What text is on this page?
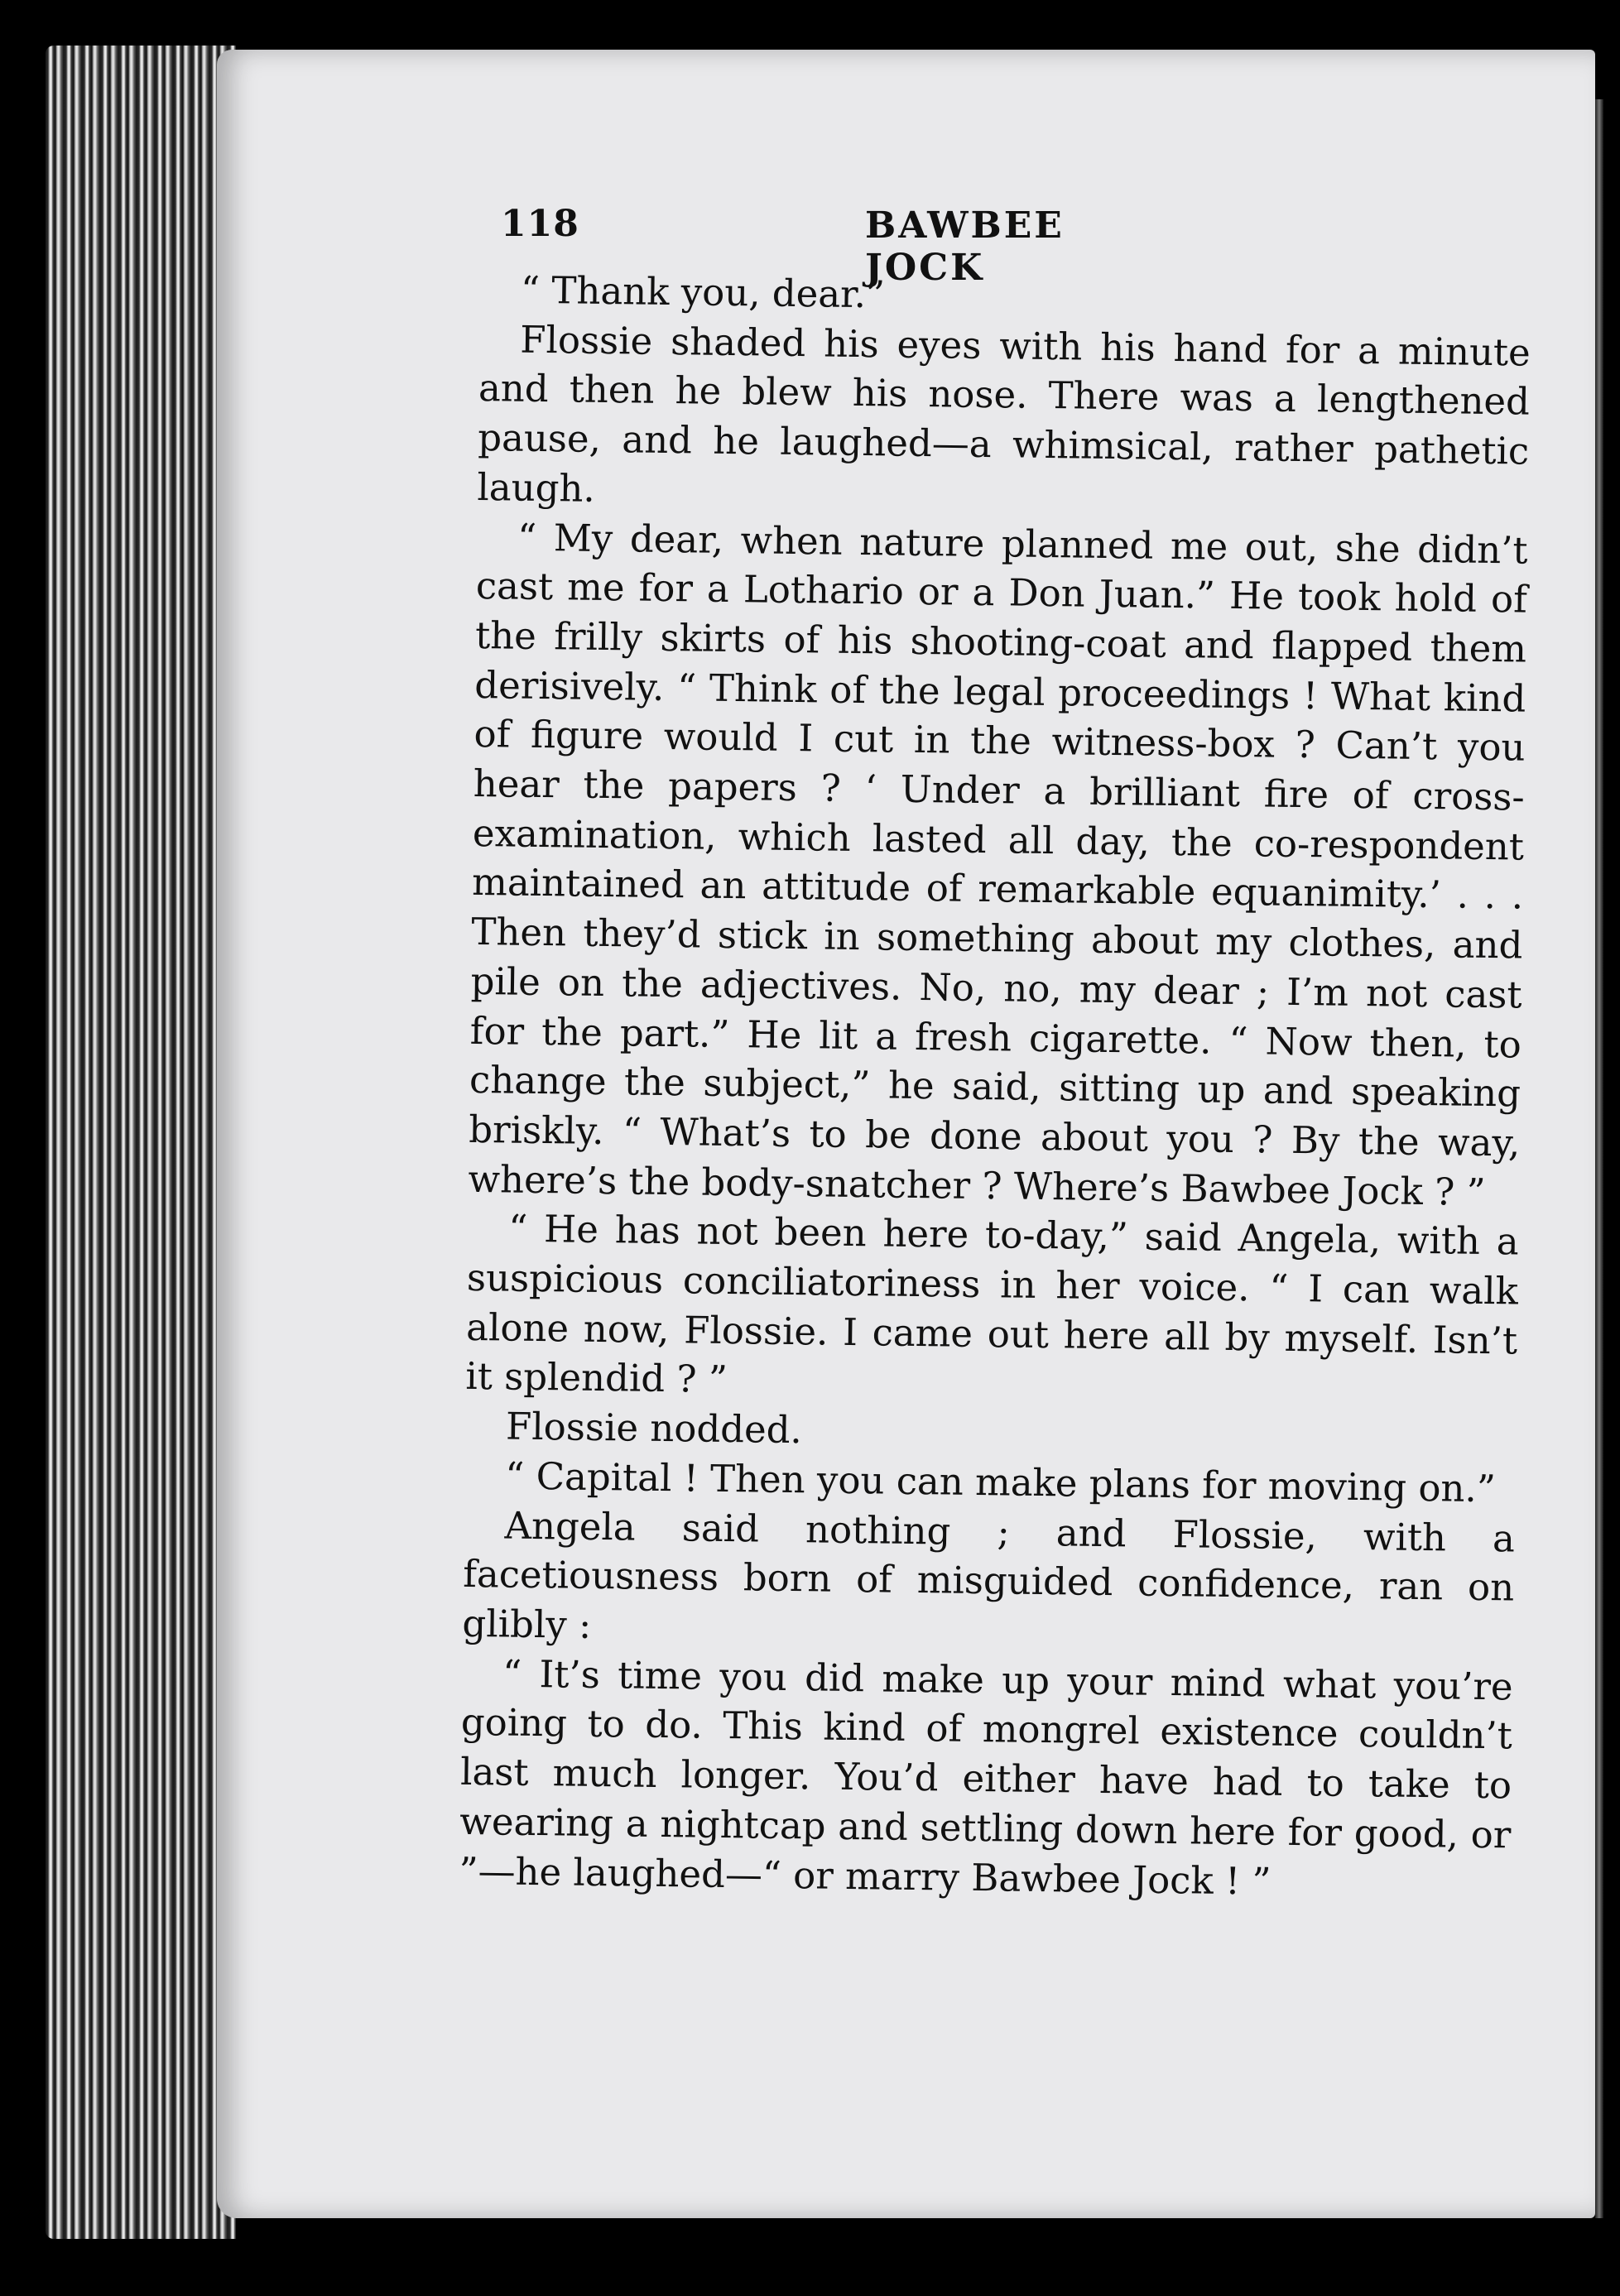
118	BAWBEE JOCK

“ Thank you, dear.”

Flossie shaded his eyes with his hand for a minute and then he blew his nose. There was a lengthened pause, and he laughed—a whimsical, rather pathetic laugh.

“ My dear, when nature planned me out, she didn’t cast me for a Lothario or a Don Juan.” He took hold of the frilly skirts of his shooting-coat and flapped them derisively. “ Think of the legal proceedings ! What kind of figure would I cut in the witness-box ? Can’t you hear the papers ? ‘ Under a brilliant fire of cross-examination, which lasted all day, the co-respondent maintained an attitude of remarkable equanimity.’ . . . Then they’d stick in something about my clothes, and pile on the adjectives. No, no, my dear ; I’m not cast for the part.” He lit a fresh cigarette. “ Now then, to change the subject,” he said, sitting up and speaking briskly. “ What’s to be done about you ? By the way, where’s the body-snatcher ? Where’s Bawbee Jock ? ”

“ He has not been here to-day,” said Angela, with a suspicious conciliatoriness in her voice. “ I can walk alone now, Flossie. I came out here all by myself. Isn’t it splendid ? ”

Flossie nodded.

“ Capital ! Then you can make plans for moving on.”

Angela said nothing ; and Flossie, with a facetiousness born of misguided confidence, ran on glibly :

“ It’s time you did make up your mind what you’re going to do. This kind of mongrel existence couldn’t last much longer. You’d either have had to take to wearing a nightcap and settling down here for good, or ”—he laughed—“ or marry Bawbee Jock ! ”
